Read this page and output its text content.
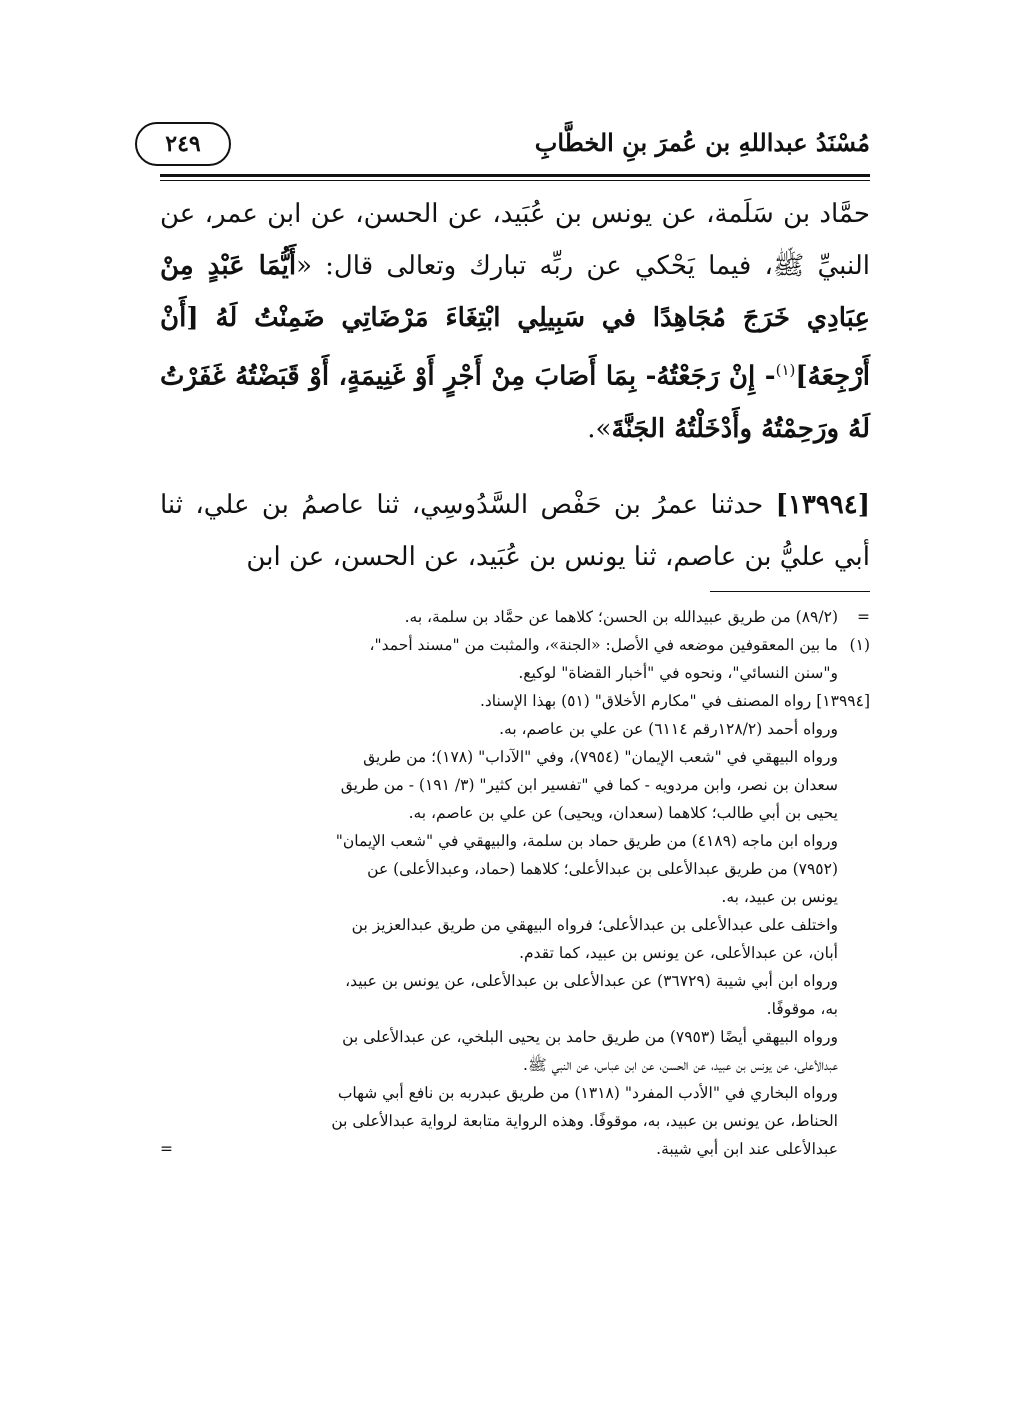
مُسْنَدُ عبداللهِ بن عُمرَ بنِ الخطَّابِ
٢٤٩

حمَّاد بن سَلَمة، عن يونس بن عُبَيد، عن الحسن، عن ابن عمر، عن النبيِّ ﷺ، فيما يَحْكي عن ربِّه تبارك وتعالى قال: «أَيُّمَا عَبْدٍ مِنْ عِبَادِي خَرَجَ مُجَاهِدًا في سَبِيلِي ابْتِغَاءَ مَرْضَاتِي ضَمِنْتُ لَهُ [أَنْ أَرْجِعَهُ]$^{(١)}$- إِنْ رَجَعْتُهُ- بِمَا أَصَابَ مِنْ أَجْرٍ أَوْ غَنِيمَةٍ، أَوْ قَبَضْتُهُ غَفَرْتُ لَهُ ورَحِمْتُهُ وأَدْخَلْتُهُ الجَنَّةَ».

[١٣٩٩٤] حدثنا عمرُ بن حَفْص السَّدُوسِي، ثنا عاصمُ بن علي، ثنا أبي عليُّ بن عاصم، ثنا يونس بن عُبَيد، عن الحسن، عن ابن

=
(٨٩/٢) من طريق عبيدالله بن الحسن؛ كلاهما عن حمَّاد بن سلمة، به.
(١)
ما بين المعقوفين موضعه في الأصل: «الجنة»، والمثبت من "مسند أحمد"،
و"سنن النسائي"، ونحوه في "أخبار القضاة" لوكيع.
[١٣٩٩٤] رواه المصنف في "مكارم الأخلاق" (٥١) بهذا الإسناد.
ورواه أحمد (١٢٨/٢رقم ٦١١٤) عن علي بن عاصم، به.
ورواه البيهقي في "شعب الإيمان" (٧٩٥٤)، وفي "الآداب" (١٧٨)؛ من طريق
سعدان بن نصر، وابن مردويه - كما في "تفسير ابن كثير" (٣/ ١٩١) - من طريق
يحيى بن أبي طالب؛ كلاهما (سعدان، ويحيى) عن علي بن عاصم، به.
ورواه ابن ماجه (٤١٨٩) من طريق حماد بن سلمة، والبيهقي في "شعب الإيمان"
(٧٩٥٢) من طريق عبدالأعلى بن عبدالأعلى؛ كلاهما (حماد، وعبدالأعلى) عن
يونس بن عبيد، به.
واختلف على عبدالأعلى بن عبدالأعلى؛ فرواه البيهقي من طريق عبدالعزيز بن
أبان، عن عبدالأعلى، عن يونس بن عبيد، كما تقدم.
ورواه ابن أبي شيبة (٣٦٧٢٩) عن عبدالأعلى بن عبدالأعلى، عن يونس بن عبيد،
به، موقوفًا.
ورواه البيهقي أيضًا (٧٩٥٣) من طريق حامد بن يحيى البلخي، عن عبدالأعلى بن
عبدالأعلى، عن يونس بن عبيد، عن الحسن، عن ابن عباس، عن النبي ﷺ.
ورواه البخاري في "الأدب المفرد" (١٣١٨) من طريق عبدربه بن نافع أبي شهاب
الحناط، عن يونس بن عبيد، به، موقوفًا. وهذه الرواية متابعة لرواية عبدالأعلى بن
عبدالأعلى عند ابن أبي شيبة.
=
